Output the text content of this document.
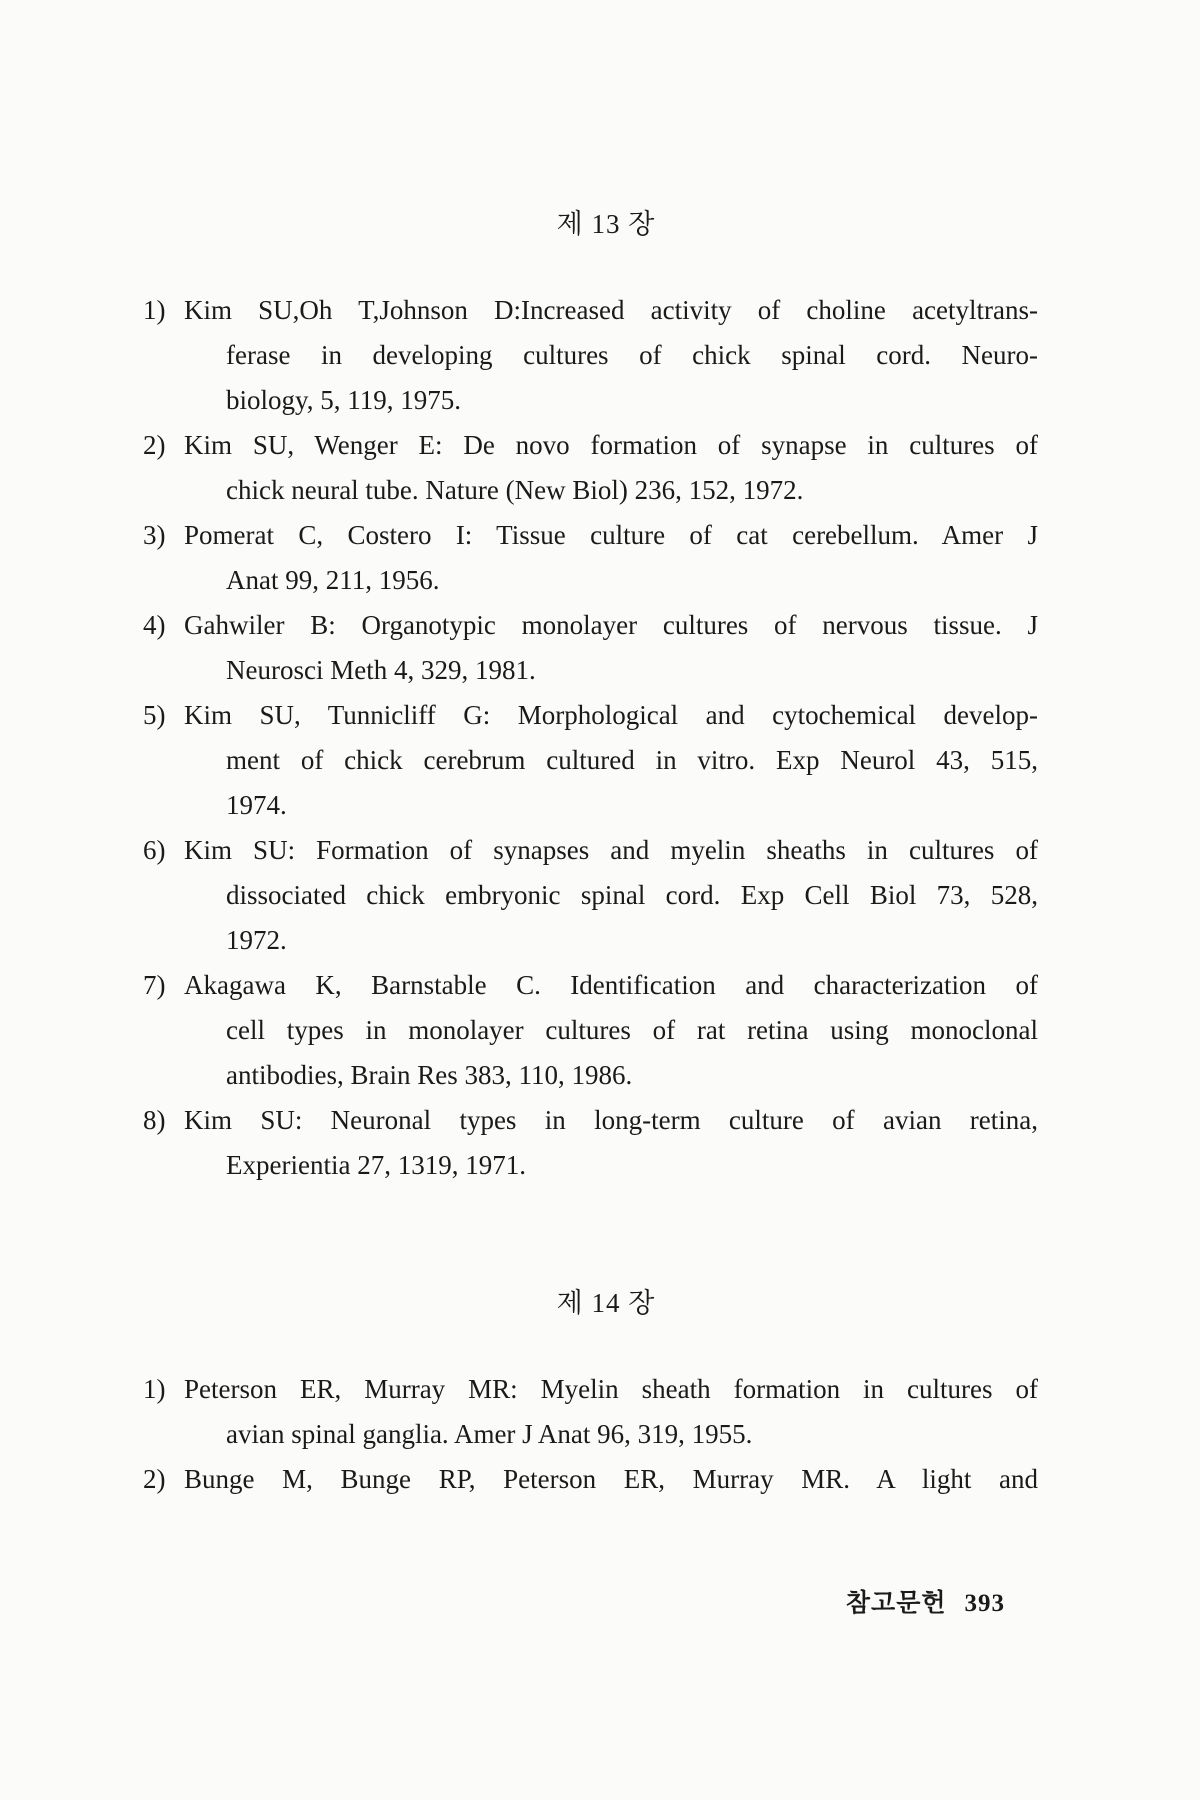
제 13 장
1) Kim SU,Oh T,Johnson D:Increased activity of choline acetyltrans-
ferase in developing cultures of chick spinal cord. Neuro-
biology, 5, 119, 1975.
2) Kim SU, Wenger E: De novo formation of synapse in cultures of
chick neural tube. Nature (New Biol) 236, 152, 1972.
3) Pomerat C, Costero I: Tissue culture of cat cerebellum. Amer J
Anat 99, 211, 1956.
4) Gahwiler B: Organotypic monolayer cultures of nervous tissue. J
Neurosci Meth 4, 329, 1981.
5) Kim SU, Tunnicliff G: Morphological and cytochemical develop-
ment of chick cerebrum cultured in vitro. Exp Neurol 43, 515,
1974.
6) Kim SU: Formation of synapses and myelin sheaths in cultures of
dissociated chick embryonic spinal cord. Exp Cell Biol 73, 528,
1972.
7) Akagawa K, Barnstable C. Identification and characterization of
cell types in monolayer cultures of rat retina using monoclonal
antibodies, Brain Res 383, 110, 1986.
8) Kim SU: Neuronal types in long-term culture of avian retina,
Experientia 27, 1319, 1971.
제 14 장
1) Peterson ER, Murray MR: Myelin sheath formation in cultures of
avian spinal ganglia. Amer J Anat 96, 319, 1955.
2) Bunge M, Bunge RP, Peterson ER, Murray MR. A light and
참고문헌 393
